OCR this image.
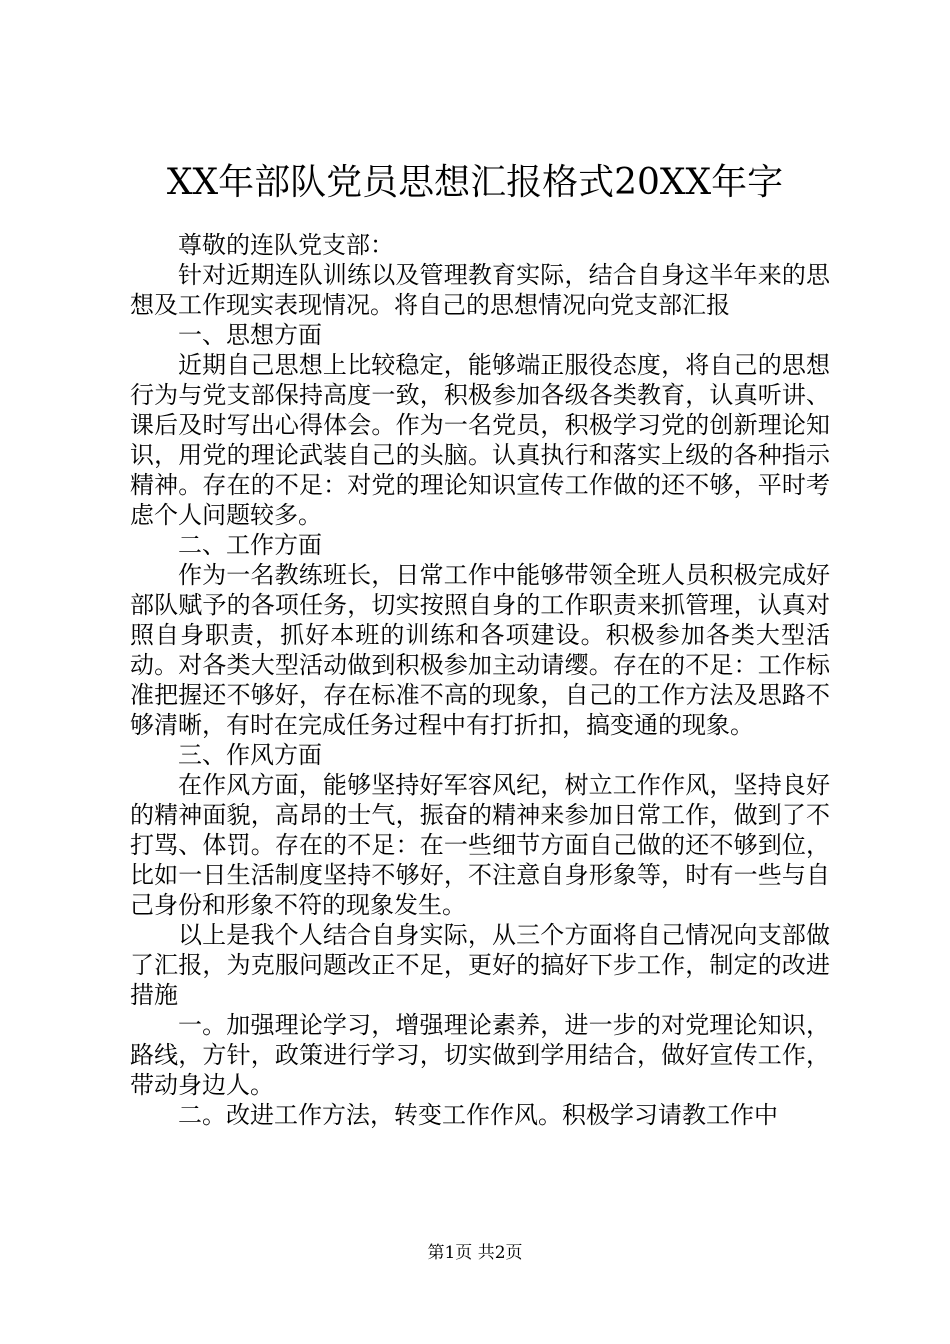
XX年部队党员思想汇报格式20XX年字

尊敬的连队党支部：

针对近期连队训练以及管理教育实际，结合自身这半年来的思想及工作现实表现情况。将自己的思想情况向党支部汇报

一、思想方面

近期自己思想上比较稳定，能够端正服役态度，将自己的思想行为与党支部保持高度一致，积极参加各级各类教育，认真听讲、课后及时写出心得体会。作为一名党员，积极学习党的创新理论知识，用党的理论武装自己的头脑。认真执行和落实上级的各种指示精神。存在的不足：对党的理论知识宣传工作做的还不够，平时考虑个人问题较多。

二、工作方面

作为一名教练班长，日常工作中能够带领全班人员积极完成好部队赋予的各项任务，切实按照自身的工作职责来抓管理，认真对照自身职责，抓好本班的训练和各项建设。积极参加各类大型活动。对各类大型活动做到积极参加主动请缨。存在的不足：工作标准把握还不够好，存在标准不高的现象，自己的工作方法及思路不够清晰，有时在完成任务过程中有打折扣，搞变通的现象。

三、作风方面

在作风方面，能够坚持好军容风纪，树立工作作风，坚持良好的精神面貌，高昂的士气，振奋的精神来参加日常工作，做到了不打骂、体罚。存在的不足：在一些细节方面自己做的还不够到位，比如一日生活制度坚持不够好，不注意自身形象等，时有一些与自己身份和形象不符的现象发生。

以上是我个人结合自身实际，从三个方面将自己情况向支部做了汇报，为克服问题改正不足，更好的搞好下步工作，制定的改进措施

一。加强理论学习，增强理论素养，进一步的对党理论知识，路线，方针，政策进行学习，切实做到学用结合，做好宣传工作，带动身边人。

二。改进工作方法，转变工作作风。积极学习请教工作中

第1页 共2页
